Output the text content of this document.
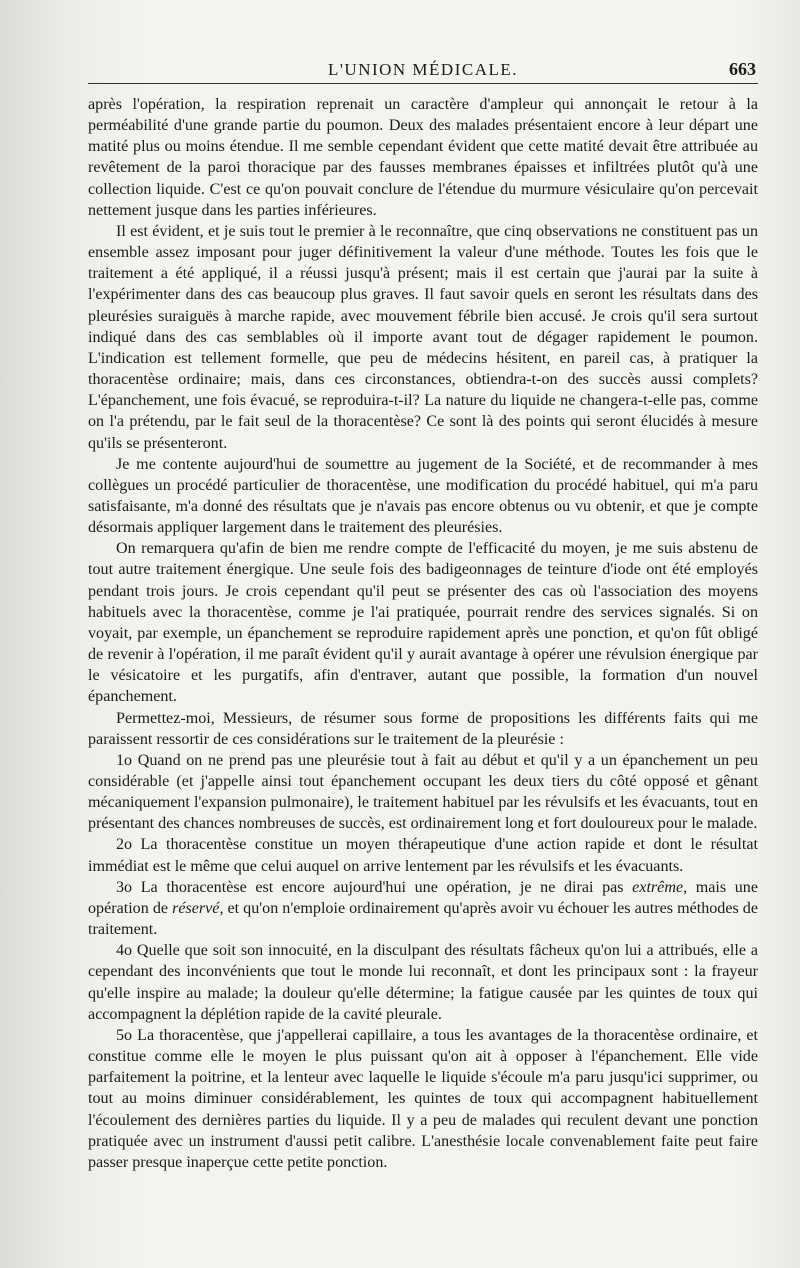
L'UNION MÉDICALE.	663

après l'opération, la respiration reprenait un caractère d'ampleur qui annonçait le retour à la perméabilité d'une grande partie du poumon. Deux des malades présentaient encore à leur départ une matité plus ou moins étendue. Il me semble cependant évident que cette matité devait être attribuée au revêtement de la paroi thoracique par des fausses membranes épaisses et infiltrées plutôt qu'à une collection liquide. C'est ce qu'on pouvait conclure de l'étendue du murmure vésiculaire qu'on percevait nettement jusque dans les parties inférieures.

Il est évident, et je suis tout le premier à le reconnaître, que cinq observations ne constituent pas un ensemble assez imposant pour juger définitivement la valeur d'une méthode. Toutes les fois que le traitement a été appliqué, il a réussi jusqu'à présent; mais il est certain que j'aurai par la suite à l'expérimenter dans des cas beaucoup plus graves. Il faut savoir quels en seront les résultats dans des pleurésies suraiguës à marche rapide, avec mouvement fébrile bien accusé. Je crois qu'il sera surtout indiqué dans des cas semblables où il importe avant tout de dégager rapidement le poumon. L'indication est tellement formelle, que peu de médecins hésitent, en pareil cas, à pratiquer la thoracentèse ordinaire; mais, dans ces circonstances, obtiendra-t-on des succès aussi complets? L'épanchement, une fois évacué, se reproduira-t-il? La nature du liquide ne changera-t-elle pas, comme on l'a prétendu, par le fait seul de la thoracentèse? Ce sont là des points qui seront élucidés à mesure qu'ils se présenteront.

Je me contente aujourd'hui de soumettre au jugement de la Société, et de recommander à mes collègues un procédé particulier de thoracentèse, une modification du procédé habituel, qui m'a paru satisfaisante, m'a donné des résultats que je n'avais pas encore obtenus ou vu obtenir, et que je compte désormais appliquer largement dans le traitement des pleurésies.

On remarquera qu'afin de bien me rendre compte de l'efficacité du moyen, je me suis abstenu de tout autre traitement énergique. Une seule fois des badigeonnages de teinture d'iode ont été employés pendant trois jours. Je crois cependant qu'il peut se présenter des cas où l'association des moyens habituels avec la thoracentèse, comme je l'ai pratiquée, pourrait rendre des services signalés. Si on voyait, par exemple, un épanchement se reproduire rapidement après une ponction, et qu'on fût obligé de revenir à l'opération, il me paraît évident qu'il y aurait avantage à opérer une révulsion énergique par le vésicatoire et les purgatifs, afin d'entraver, autant que possible, la formation d'un nouvel épanchement.

Permettez-moi, Messieurs, de résumer sous forme de propositions les différents faits qui me paraissent ressortir de ces considérations sur le traitement de la pleurésie :

1o Quand on ne prend pas une pleurésie tout à fait au début et qu'il y a un épanchement un peu considérable (et j'appelle ainsi tout épanchement occupant les deux tiers du côté opposé et gênant mécaniquement l'expansion pulmonaire), le traitement habituel par les révulsifs et les évacuants, tout en présentant des chances nombreuses de succès, est ordinairement long et fort douloureux pour le malade.

2o La thoracentèse constitue un moyen thérapeutique d'une action rapide et dont le résultat immédiat est le même que celui auquel on arrive lentement par les révulsifs et les évacuants.

3o La thoracentèse est encore aujourd'hui une opération, je ne dirai pas extrême, mais une opération de réservé, et qu'on n'emploie ordinairement qu'après avoir vu échouer les autres méthodes de traitement.

4o Quelle que soit son innocuité, en la disculpant des résultats fâcheux qu'on lui a attribués, elle a cependant des inconvénients que tout le monde lui reconnaît, et dont les principaux sont : la frayeur qu'elle inspire au malade; la douleur qu'elle détermine; la fatigue causée par les quintes de toux qui accompagnent la déplétion rapide de la cavité pleurale.

5o La thoracentèse, que j'appellerai capillaire, a tous les avantages de la thoracentèse ordinaire, et constitue comme elle le moyen le plus puissant qu'on ait à opposer à l'épanchement. Elle vide parfaitement la poitrine, et la lenteur avec laquelle le liquide s'écoule m'a paru jusqu'ici supprimer, ou tout au moins diminuer considérablement, les quintes de toux qui accompagnent habituellement l'écoulement des dernières parties du liquide. Il y a peu de malades qui reculent devant une ponction pratiquée avec un instrument d'aussi petit calibre. L'anesthésie locale convenablement faite peut faire passer presque inaperçue cette petite ponction.
